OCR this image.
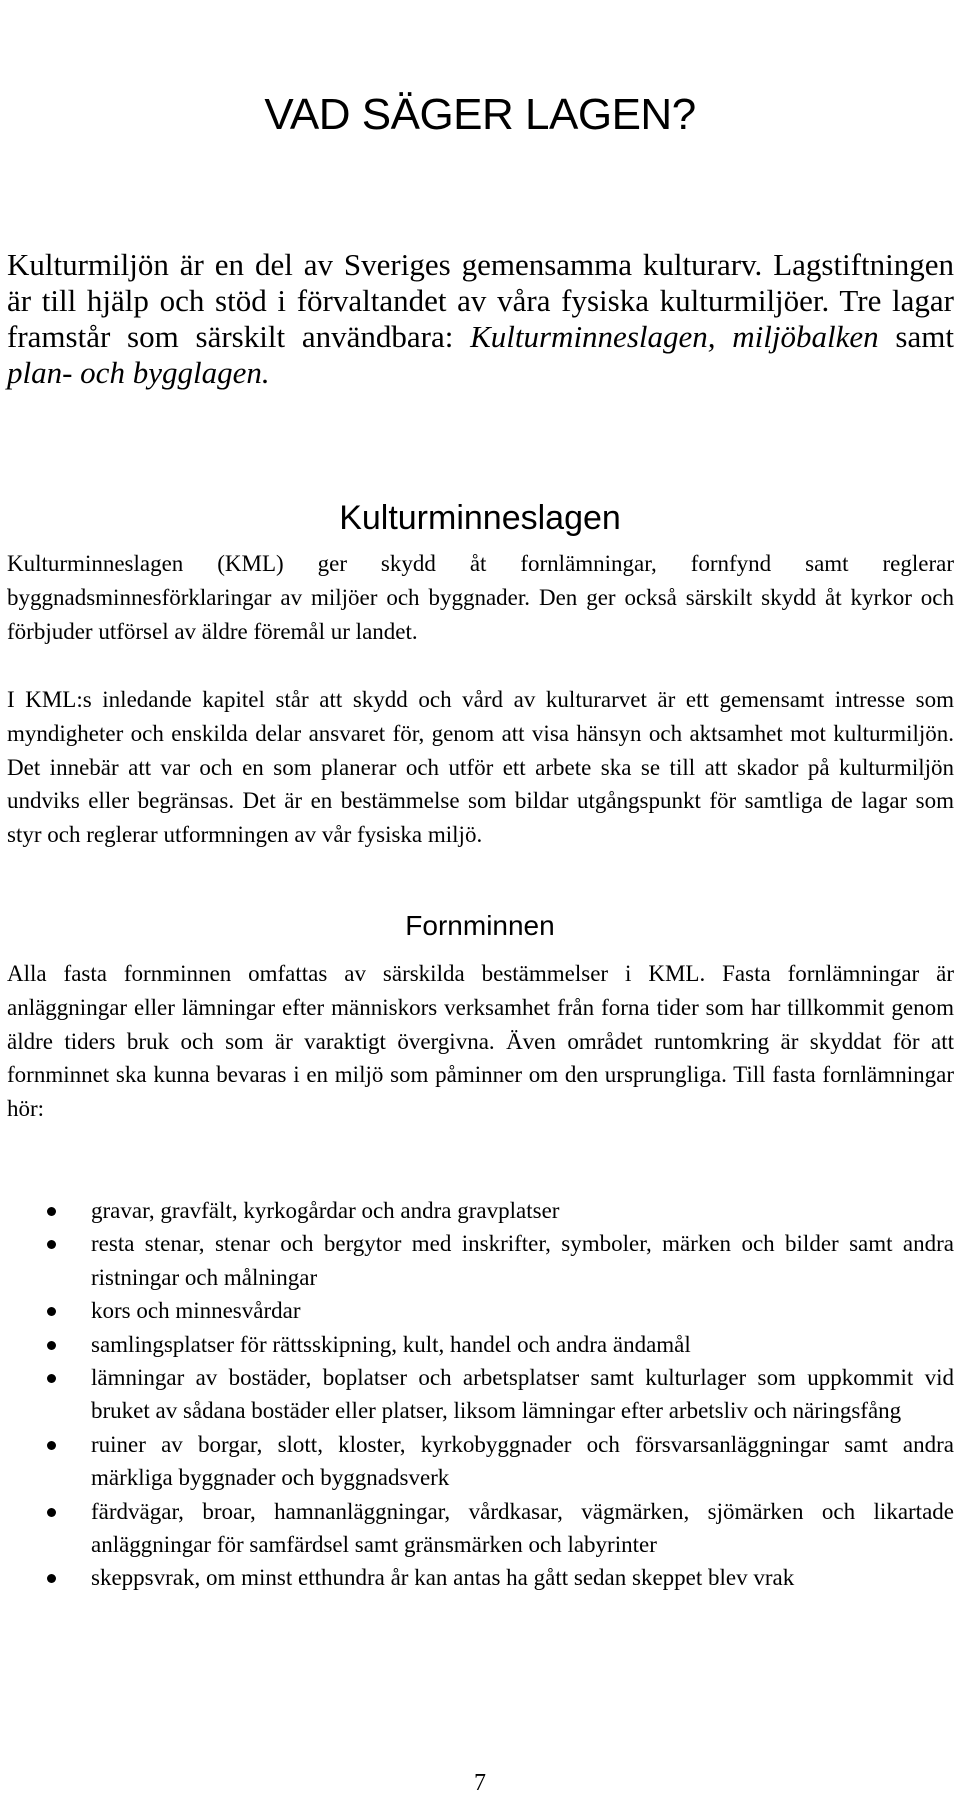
VAD SÄGER LAGEN?

Kulturmiljön är en del av Sveriges gemensamma kulturarv. Lagstiftningen är till hjälp och stöd i förvaltandet av våra fysiska kulturmiljöer. Tre lagar framstår som särskilt användbara: Kulturminneslagen, miljöbalken samt plan- och bygglagen.

Kulturminneslagen

Kulturminneslagen (KML) ger skydd åt fornlämningar, fornfynd samt reglerar byggnadsminnesförklaringar av miljöer och byggnader. Den ger också särskilt skydd åt kyrkor och förbjuder utförsel av äldre föremål ur landet.

I KML:s inledande kapitel står att skydd och vård av kulturarvet är ett gemensamt intresse som myndigheter och enskilda delar ansvaret för, genom att visa hänsyn och aktsamhet mot kulturmiljön. Det innebär att var och en som planerar och utför ett arbete ska se till att skador på kulturmiljön undviks eller begränsas. Det är en bestämmelse som bildar utgångspunkt för samtliga de lagar som styr och reglerar utformningen av vår fysiska miljö.

Fornminnen

Alla fasta fornminnen omfattas av särskilda bestämmelser i KML. Fasta fornlämningar är anläggningar eller lämningar efter människors verksamhet från forna tider som har tillkommit genom äldre tiders bruk och som är varaktigt övergivna. Även området runtomkring är skyddat för att fornminnet ska kunna bevaras i en miljö som påminner om den ursprungliga. Till fasta fornlämningar hör:

gravar, gravfält, kyrkogårdar och andra gravplatser
resta stenar, stenar och bergytor med inskrifter, symboler, märken och bilder samt andra ristningar och målningar
kors och minnesvårdar
samlingsplatser för rättsskipning, kult, handel och andra ändamål
lämningar av bostäder, boplatser och arbetsplatser samt kulturlager som uppkommit vid bruket av sådana bostäder eller platser, liksom lämningar efter arbetsliv och näringsfång
ruiner av borgar, slott, kloster, kyrkobyggnader och försvarsanläggningar samt andra märkliga byggnader och byggnadsverk
färdvägar, broar, hamnanläggningar, vårdkasar, vägmärken, sjömärken och likartade anläggningar för samfärdsel samt gränsmärken och labyrinter
skeppsvrak, om minst etthundra år kan antas ha gått sedan skeppet blev vrak

7
